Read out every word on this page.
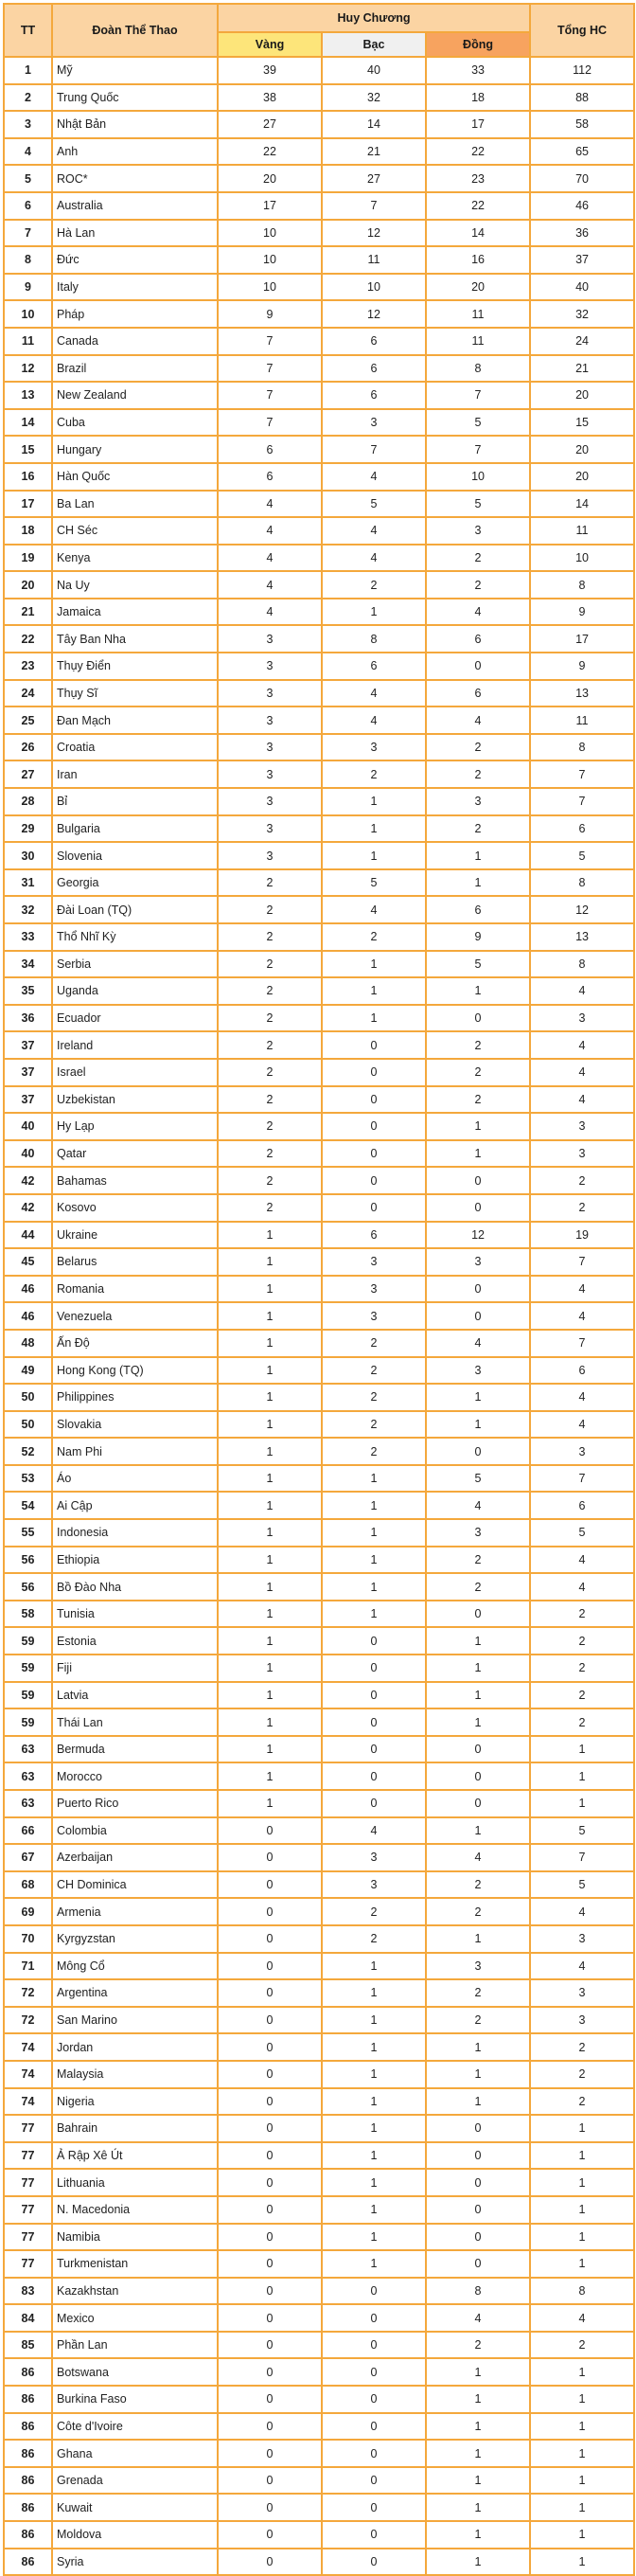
TT	Đoàn Thể Thao	Huy Chương			Tổng HC
		Vàng	Bạc	Đồng	
1	Mỹ	39	40	33	112
2	Trung Quốc	38	32	18	88
3	Nhật Bản	27	14	17	58
4	Anh	22	21	22	65
5	ROC*	20	27	23	70
6	Australia	17	7	22	46
7	Hà Lan	10	12	14	36
8	Đức	10	11	16	37
9	Italy	10	10	20	40
10	Pháp	9	12	11	32
11	Canada	7	6	11	24
12	Brazil	7	6	8	21
13	New Zealand	7	6	7	20
14	Cuba	7	3	5	15
15	Hungary	6	7	7	20
16	Hàn Quốc	6	4	10	20
17	Ba Lan	4	5	5	14
18	CH Séc	4	4	3	11
19	Kenya	4	4	2	10
20	Na Uy	4	2	2	8
21	Jamaica	4	1	4	9
22	Tây Ban Nha	3	8	6	17
23	Thụy Điển	3	6	0	9
24	Thụy Sĩ	3	4	6	13
25	Đan Mạch	3	4	4	11
26	Croatia	3	3	2	8
27	Iran	3	2	2	7
28	Bỉ	3	1	3	7
29	Bulgaria	3	1	2	6
30	Slovenia	3	1	1	5
31	Georgia	2	5	1	8
32	Đài Loan (TQ)	2	4	6	12
33	Thổ Nhĩ Kỳ	2	2	9	13
34	Serbia	2	1	5	8
35	Uganda	2	1	1	4
36	Ecuador	2	1	0	3
37	Ireland	2	0	2	4
37	Israel	2	0	2	4
37	Uzbekistan	2	0	2	4
40	Hy Lạp	2	0	1	3
40	Qatar	2	0	1	3
42	Bahamas	2	0	0	2
42	Kosovo	2	0	0	2
44	Ukraine	1	6	12	19
45	Belarus	1	3	3	7
46	Romania	1	3	0	4
46	Venezuela	1	3	0	4
48	Ấn Độ	1	2	4	7
49	Hong Kong (TQ)	1	2	3	6
50	Philippines	1	2	1	4
50	Slovakia	1	2	1	4
52	Nam Phi	1	2	0	3
53	Áo	1	1	5	7
54	Ai Cập	1	1	4	6
55	Indonesia	1	1	3	5
56	Ethiopia	1	1	2	4
56	Bồ Đào Nha	1	1	2	4
58	Tunisia	1	1	0	2
59	Estonia	1	0	1	2
59	Fiji	1	0	1	2
59	Latvia	1	0	1	2
59	Thái Lan	1	0	1	2
63	Bermuda	1	0	0	1
63	Morocco	1	0	0	1
63	Puerto Rico	1	0	0	1
66	Colombia	0	4	1	5
67	Azerbaijan	0	3	4	7
68	CH Dominica	0	3	2	5
69	Armenia	0	2	2	4
70	Kyrgyzstan	0	2	1	3
71	Mông Cổ	0	1	3	4
72	Argentina	0	1	2	3
72	San Marino	0	1	2	3
74	Jordan	0	1	1	2
74	Malaysia	0	1	1	2
74	Nigeria	0	1	1	2
77	Bahrain	0	1	0	1
77	Ả Rập Xê Út	0	1	0	1
77	Lithuania	0	1	0	1
77	N. Macedonia	0	1	0	1
77	Namibia	0	1	0	1
77	Turkmenistan	0	1	0	1
83	Kazakhstan	0	0	8	8
84	Mexico	0	0	4	4
85	Phần Lan	0	0	2	2
86	Botswana	0	0	1	1
86	Burkina Faso	0	0	1	1
86	Côte d'Ivoire	0	0	1	1
86	Ghana	0	0	1	1
86	Grenada	0	0	1	1
86	Kuwait	0	0	1	1
86	Moldova	0	0	1	1
86	Syria	0	0	1	1
